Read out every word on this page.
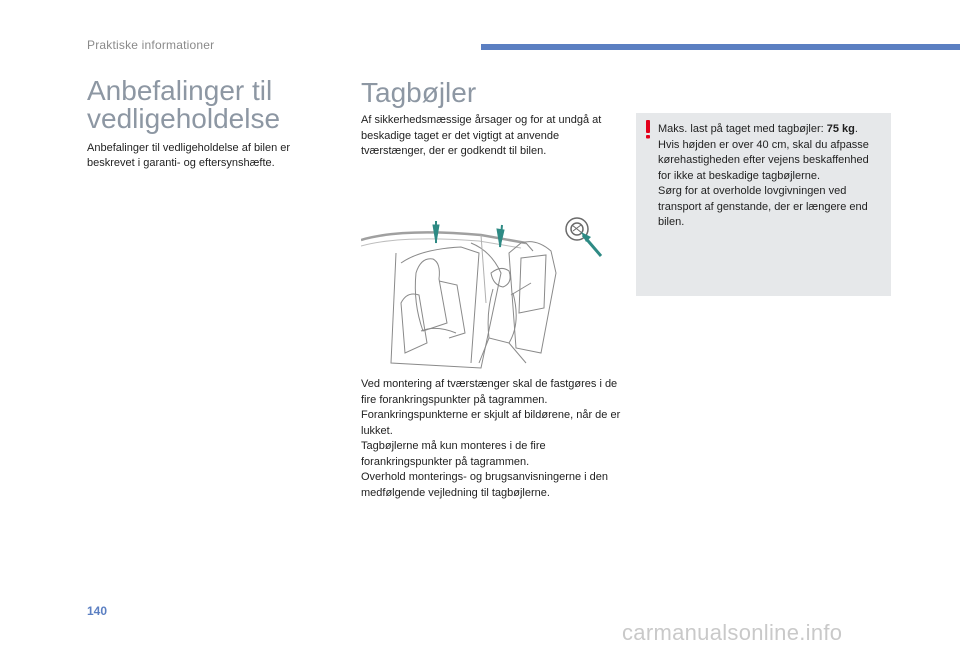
Praktiske informationer
Anbefalinger til
vedligeholdelse
Anbefalinger til vedligeholdelse af bilen er beskrevet i garanti- og eftersynshæfte.
Tagbøjler
Af sikkerhedsmæssige årsager og for at undgå at beskadige taget er det vigtigt at anvende tværstænger, der er godkendt til bilen.
Ved montering af tværstænger skal de fastgøres i de fire forankringspunkter på tagrammen. Forankringspunkterne er skjult af bildørene, når de er lukket.
Tagbøjlerne må kun monteres i de fire forankringspunkter på tagrammen.
Overhold monterings- og brugsanvisningerne i den medfølgende vejledning til tagbøjlerne.
Maks. last på taget med tagbøjler: 75 kg.
Hvis højden er over 40 cm, skal du afpasse kørehastigheden efter vejens beskaffenhed for ikke at beskadige tagbøjlerne.
Sørg for at overholde lovgivningen ved transport af genstande, der er længere end bilen.
140
carmanualsonline.info
